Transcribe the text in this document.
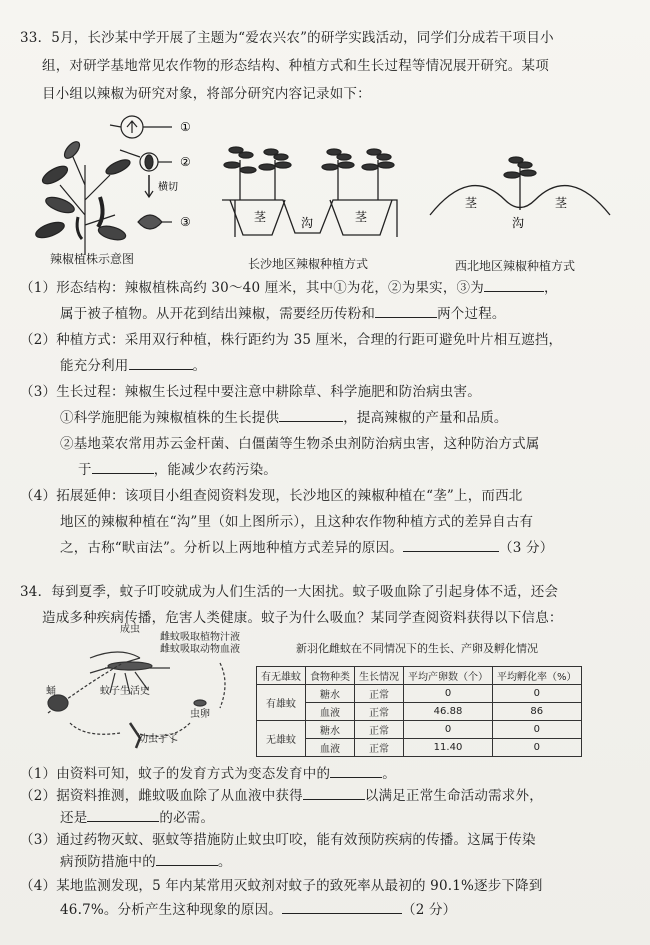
33．5月，长沙某中学开展了主题为“爱农兴农”的研学实践活动，同学们分成若干项目小
组，对研学基地常见农作物的形态结构、种植方式和生长过程等情况展开研究。某项
目小组以辣椒为研究对象，将部分研究内容记录如下：
①
②
横切
③	茎	沟	茎
茎
沟
茎
辣椒植株示意图	长沙地区辣椒种植方式	西北地区辣椒种植方式
（1）形态结构：辣椒植株高约 30～40 厘米，其中①为花，②为果实，③为	，
属于被子植物。从开花到结出辣椒，需要经历传粉和	两个过程。
（2）种植方式：采用双行种植，株行距约为 35 厘米，合理的行距可避免叶片相互遮挡，
能充分利用	。
（3）生长过程：辣椒生长过程中要注意中耕除草、科学施肥和防治病虫害。
①科学施肥能为辣椒植株的生长提供	，提高辣椒的产量和品质。
②基地菜农常用苏云金杆菌、白僵菌等生物杀虫剂防治病虫害，这种防治方式属
于	，能减少农药污染。
（4）拓展延伸：该项目小组查阅资料发现，长沙地区的辣椒种植在“垄”上，而西北
地区的辣椒种植在“沟”里（如上图所示），且这种农作物种植方式的差异自古有
之，古称“畎亩法”。分析以上两地种植方式差异的原因。	（3 分）
34．每到夏季，蚊子叮咬就成为人们生活的一大困扰。蚊子吸血除了引起身体不适，还会
造成多种疾病传播，危害人类健康。蚊子为什么吸血？某同学查阅资料获得以下信息：
成虫
雌蚊吸取植物汁液
雌蚊吸取动物血液
蛹	蚊子生活史
虫卵
幼虫孑孓
新羽化雌蚊在不同情况下的生长、产卵及孵化情况
有无雄蚊	食物种类	生长情况	平均产卵数（个）	平均孵化率（%）
有雄蚊	糖水	正常	0	0
	血液	正常	46.88	86
无雄蚊	糖水	正常	0	0
	血液	正常	11.40	0
（1）由资料可知，蚊子的发育方式为变态发育中的	。
（2）据资料推测，雌蚊吸血除了从血液中获得	以满足正常生命活动需求外，
还是	的必需。
（3）通过药物灭蚊、驱蚊等措施防止蚊虫叮咬，能有效预防疾病的传播。这属于传染
病预防措施中的	。
（4）某地监测发现，5 年内某常用灭蚊剂对蚊子的致死率从最初的 90.1%逐步下降到
46.7%。分析产生这种现象的原因。	（2 分）
